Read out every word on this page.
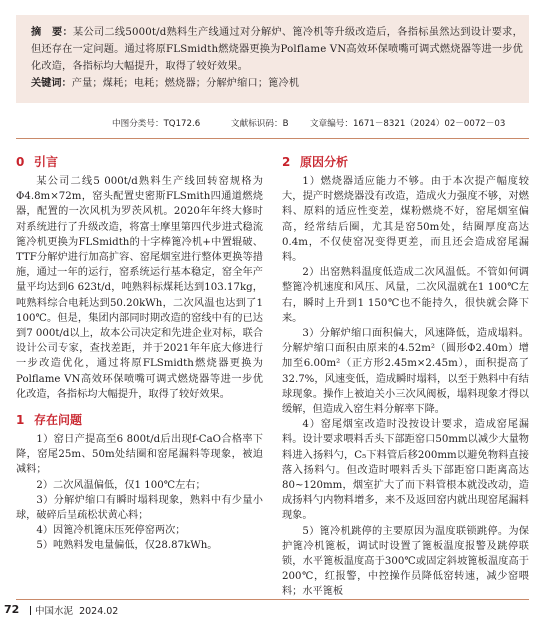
摘　要：某公司二线5000t/d熟料生产线通过对分解炉、篦冷机等升级改造后，各指标虽然达到设计要求，但还存在一定问题。通过将原FLSmidth燃烧器更换为Polflame VN高效环保喷嘴可调式燃烧器等进一步优化改造，各指标均大幅提升，取得了较好效果。
关键词：产量；煤耗；电耗；燃烧器；分解炉缩口；篦冷机
中图分类号：TQ172.6	文献标识码：B	文章编号：1671－8321（2024）02－0072－03
0 引言

某公司二线5 000t/d熟料生产线回转窑规格为Φ4.8m×72m，窑头配置史密斯FLSmith四通道燃烧器，配置的一次风机为罗茨风机。2020年年终大修时对系统进行了升级改造，将富士摩里第四代步进式稳流篦冷机更换为FLSmidth的十字棒篦冷机+中置辊破、TTF分解炉进行加高扩容、窑尾烟室进行整体更换等措施，通过一年的运行，窑系统运行基本稳定，窑全年产量平均达到6 623t/d，吨熟料标煤耗达到103.17kg，吨熟料综合电耗达到50.20kWh，二次风温也达到了1 100℃。但是，集团内部同时期改造的窑线中有的已达到7 000t/d以上，故本公司决定和先进企业对标，联合设计公司专家，查找差距，并于2021年年底大修进行一步改造优化，通过将原FLSmidth燃烧器更换为Polflame VN高效环保喷嘴可调式燃烧器等进一步优化改造，各指标均大幅提升，取得了较好效果。

1 存在问题

1）窑日产提高至6 800t/d后出现f-CaO合格率下降，窑尾25m、50m处结圈和窑尾漏料等现象，被迫减料；

2）二次风温偏低，仅1 100℃左右；

3）分解炉缩口有瞬时塌料现象，熟料中有少量小球，破碎后呈疏松状黄心料；

4）因篦冷机篦床压死停窑两次；

5）吨熟料发电量偏低，仅28.87kWh。

2 原因分析

1）燃烧器适应能力不够。由于本次提产幅度较大，提产时燃烧器没有改造，造成火力强度不够，对燃料、原料的适应性变差，煤粉燃烧不好，窑尾烟室偏高，经常结后圈，尤其是窑50m处，结圈厚度高达0.4m，不仅使窑况变得更差，而且还会造成窑尾漏料。

2）出窑熟料温度低造成二次风温低。不管如何调整篦冷机速度和风压、风量，二次风温就在1 100℃左右，瞬时上升到1 150℃也不能持久，很快就会降下来。

3）分解炉缩口面积偏大，风速降低，造成塌料。分解炉缩口面积由原来的4.52m²（圆形Φ2.40m）增加至6.00m²（正方形2.45m×2.45m），面积提高了32.7%，风速变低，造成瞬时塌料，以至于熟料中有结球现象。操作上被迫关小三次风阀板，塌料现象才得以缓解，但造成入窑生料分解率下降。

4）窑尾烟室改造时没按设计要求，造成窑尾漏料。设计要求喂料舌头下部距窑口50mm以减少大量物料进入扬料勺，C₅下料管后移200mm以避免物料直接落入扬料勺。但改造时喂料舌头下部距窑口距离高达80~120mm，烟室扩大了而下料管根本就没改动，造成扬料勺内物料增多，来不及返回窑内就出现窑尾漏料现象。

5）篦冷机跳停的主要原因为温度联锁跳停。为保护篦冷机篦板，调试时设置了篦板温度报警及跳停联锁，水平篦板温度高于300℃或固定斜坡篦板温度高于200℃，红报警，中控操作员降低窑转速，减少窑喂料；水平篦板

72	中国水泥 2024.02
